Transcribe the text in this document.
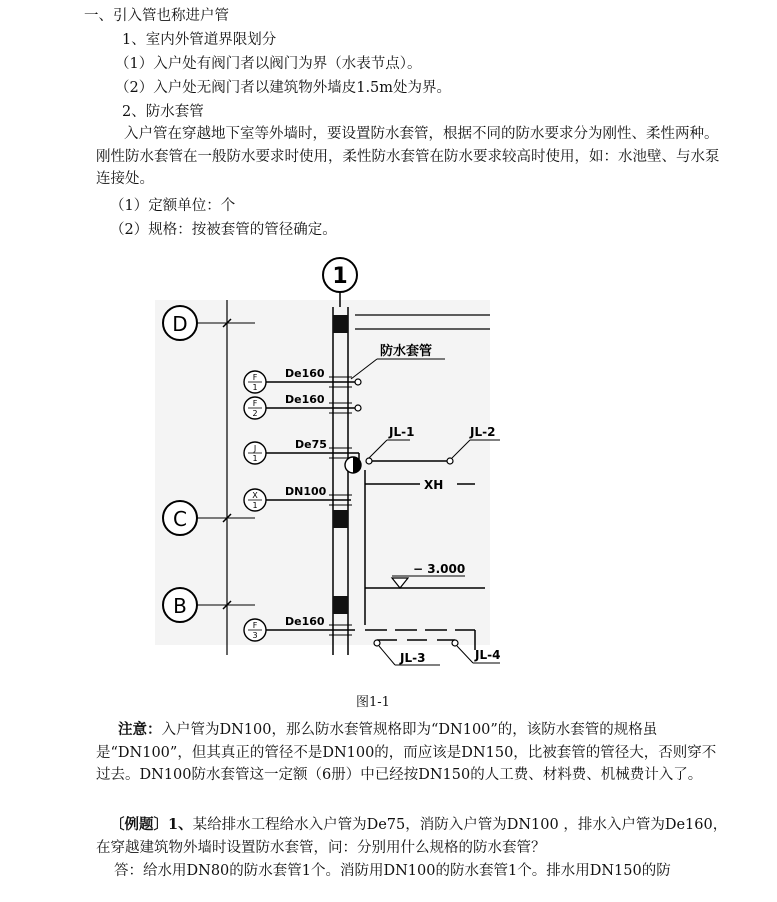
一、引入管也称进户管
1、室内外管道界限划分
（1）入户处有阀门者以阀门为界（水表节点）。
（2）入户处无阀门者以建筑物外墙皮1.5m处为界。
2、防水套管
入户管在穿越地下室等外墙时，要设置防水套管，根据不同的防水要求分为刚性、柔性两种。刚性防水套管在一般防水要求时使用，柔性防水套管在防水要求较高时使用，如：水池壁、与水泵连接处。
（1）定额单位：个
（2）规格：按被套管的管径确定。
1
D
C
B
防水套管
F
1
De160
F
2
De160
J
1
De75
JL-1	JL-2
X
1
DN100	XH
− 3.000
F
3
De160
JL-3	JL-4
图1-1
注意：入户管为DN100，那么防水套管规格即为“DN100”的，该防水套管的规格虽是“DN100”，但其真正的管径不是DN100的，而应该是DN150，比被套管的管径大，否则穿不过去。DN100防水套管这一定额（6册）中已经按DN150的人工费、材料费、机械费计入了。
〔例题〕1、某给排水工程给水入户管为De75，消防入户管为DN100 ，排水入户管为De160，在穿越建筑物外墙时设置防水套管，问：分别用什么规格的防水套管？
答：给水用DN80的防水套管1个。消防用DN100的防水套管1个。排水用DN150的防
